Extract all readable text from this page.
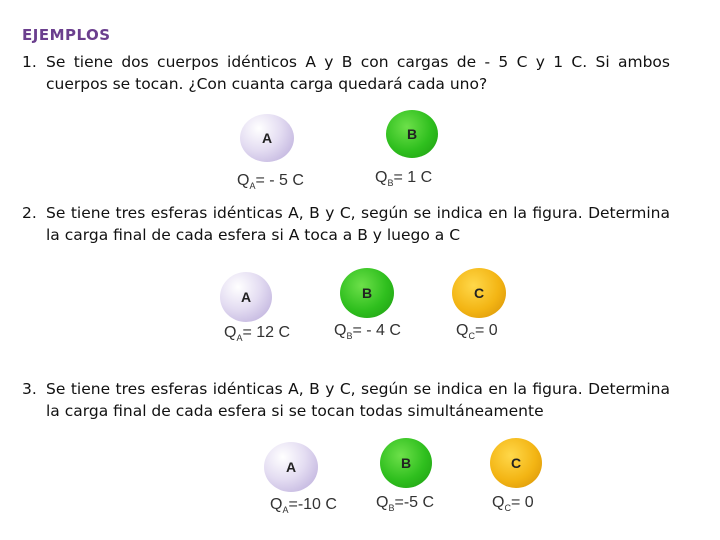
EJEMPLOS
1. Se tiene dos cuerpos idénticos A y B con cargas de - 5 C y 1 C. Si ambos cuerpos se tocan. ¿Con cuanta carga quedará cada uno?
A	B
$Q_A= - 5$ C	$Q_B= 1$ C
2. Se tiene tres esferas idénticas A, B y C, según se indica en la figura. Determina la carga final de cada esfera si A toca a B y luego a C
A	B	C
$Q_A= 12$ C	$Q_B= - 4$ C	$Q_C= 0$
3. Se tiene tres esferas idénticas A, B y C, según se indica en la figura. Determina la carga final de cada esfera si se tocan todas simultáneamente
A	B	C
$Q_A=-10$ C $Q_B=-5$ C	$Q_C= 0$
